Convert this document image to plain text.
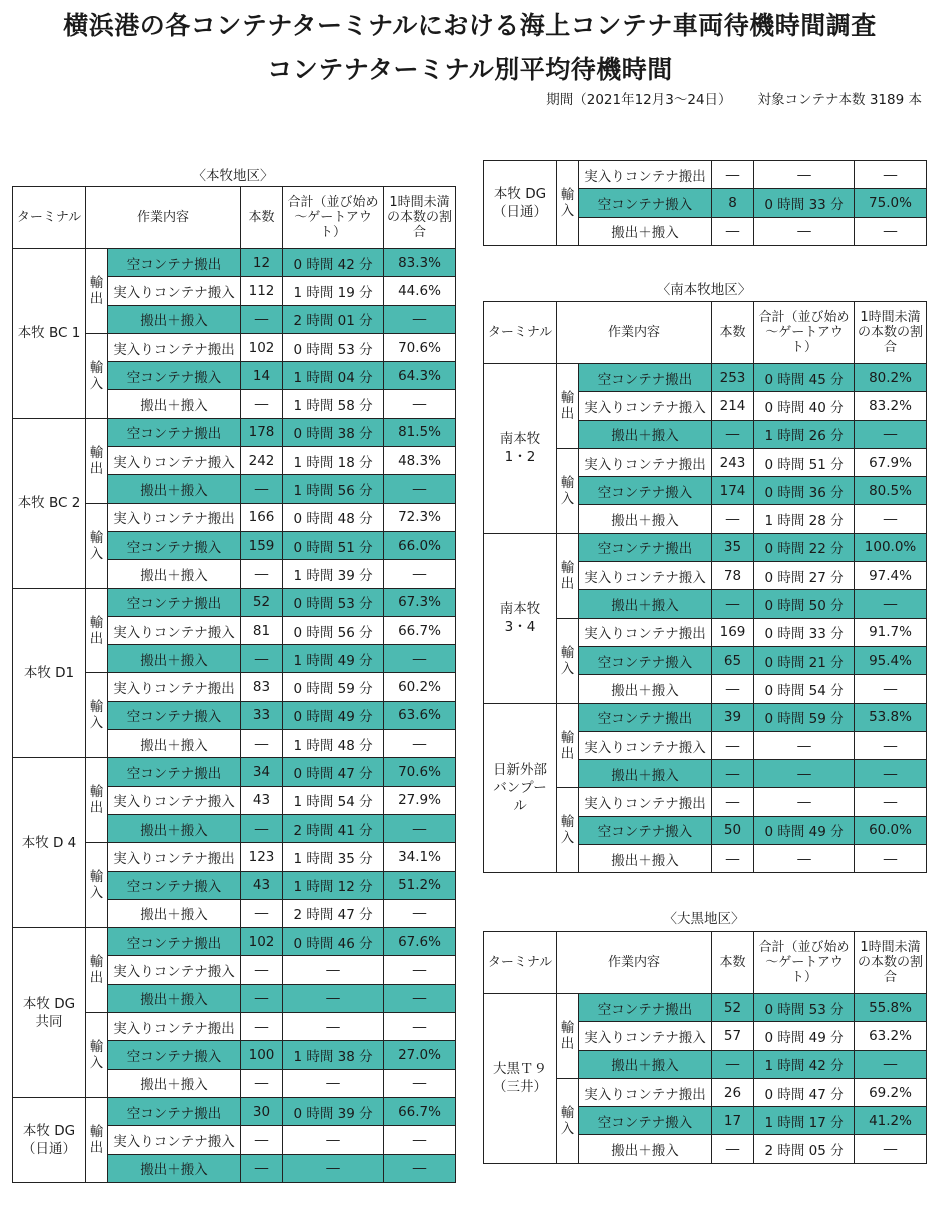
横浜港の各コンテナターミナルにおける海上コンテナ車両待機時間調査
コンテナターミナル別平均待機時間
期間（2021年12月3～24日） 対象コンテナ本数 3189 本
〈本牧地区〉
〈南本牧地区〉
〈大黒地区〉
ターミナル	作業内容		本数	合計（並び始め～ゲートアウト）	1時間未満の本数の割合
本牧 BC 1	輸出	空コンテナ搬出	12	0 時間 42 分	83.3%
		実入りコンテナ搬入	112	1 時間 19 分	44.6%
		搬出＋搬入	―	2 時間 01 分	―
	輸入	実入りコンテナ搬出	102	0 時間 53 分	70.6%
		空コンテナ搬入	14	1 時間 04 分	64.3%
		搬出＋搬入	―	1 時間 58 分	―
本牧 BC 2	輸出	空コンテナ搬出	178	0 時間 38 分	81.5%
		実入りコンテナ搬入	242	1 時間 18 分	48.3%
		搬出＋搬入	―	1 時間 56 分	―
	輸入	実入りコンテナ搬出	166	0 時間 48 分	72.3%
		空コンテナ搬入	159	0 時間 51 分	66.0%
		搬出＋搬入	―	1 時間 39 分	―
本牧 D1	輸出	空コンテナ搬出	52	0 時間 53 分	67.3%
		実入りコンテナ搬入	81	0 時間 56 分	66.7%
		搬出＋搬入	―	1 時間 49 分	―
	輸入	実入りコンテナ搬出	83	0 時間 59 分	60.2%
		空コンテナ搬入	33	0 時間 49 分	63.6%
		搬出＋搬入	―	1 時間 48 分	―
本牧 D 4	輸出	空コンテナ搬出	34	0 時間 47 分	70.6%
		実入りコンテナ搬入	43	1 時間 54 分	27.9%
		搬出＋搬入	―	2 時間 41 分	―
	輸入	実入りコンテナ搬出	123	1 時間 35 分	34.1%
		空コンテナ搬入	43	1 時間 12 分	51.2%
		搬出＋搬入	―	2 時間 47 分	―
本牧 DG 共同	輸出	空コンテナ搬出	102	0 時間 46 分	67.6%
		実入りコンテナ搬入	―	―	―
		搬出＋搬入	―	―	―
	輸入	実入りコンテナ搬出	―	―	―
		空コンテナ搬入	100	1 時間 38 分	27.0%
		搬出＋搬入	―	―	―
本牧 DG（日通）	輸出	空コンテナ搬出	30	0 時間 39 分	66.7%
		実入りコンテナ搬入	―	―	―
		搬出＋搬入	―	―	―
本牧 DG（日通）	輸入	実入りコンテナ搬出	―	―	―
		空コンテナ搬入	8	0 時間 33 分	75.0%
		搬出＋搬入	―	―	―
ターミナル	作業内容		本数	合計（並び始め～ゲートアウト）	1時間未満の本数の割合
南本牧 1・2	輸出	空コンテナ搬出	253	0 時間 45 分	80.2%
		実入りコンテナ搬入	214	0 時間 40 分	83.2%
		搬出＋搬入	―	1 時間 26 分	―
	輸入	実入りコンテナ搬出	243	0 時間 51 分	67.9%
		空コンテナ搬入	174	0 時間 36 分	80.5%
		搬出＋搬入	―	1 時間 28 分	―
南本牧 3・4	輸出	空コンテナ搬出	35	0 時間 22 分	100.0%
		実入りコンテナ搬入	78	0 時間 27 分	97.4%
		搬出＋搬入	―	0 時間 50 分	―
	輸入	実入りコンテナ搬出	169	0 時間 33 分	91.7%
		空コンテナ搬入	65	0 時間 21 分	95.4%
		搬出＋搬入	―	0 時間 54 分	―
日新外部 バンプール	輸出	空コンテナ搬出	39	0 時間 59 分	53.8%
		実入りコンテナ搬入	―	―	―
		搬出＋搬入	―	―	―
	輸入	実入りコンテナ搬出	―	―	―
		空コンテナ搬入	50	0 時間 49 分	60.0%
		搬出＋搬入	―	―	―
ターミナル	作業内容		本数	合計（並び始め～ゲートアウト）	1時間未満の本数の割合
大黒Ｔ９（三井）	輸出	空コンテナ搬出	52	0 時間 53 分	55.8%
		実入りコンテナ搬入	57	0 時間 49 分	63.2%
		搬出＋搬入	―	1 時間 42 分	―
	輸入	実入りコンテナ搬出	26	0 時間 47 分	69.2%
		空コンテナ搬入	17	1 時間 17 分	41.2%
		搬出＋搬入	―	2 時間 05 分	―
